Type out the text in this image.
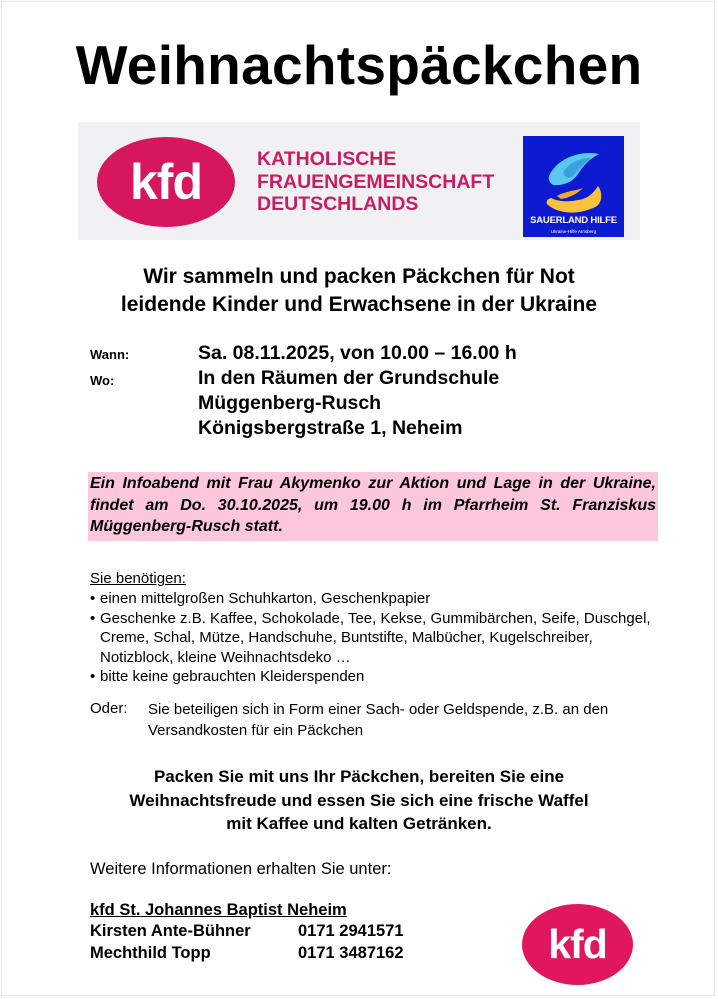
Weihnachtspäckchen
kfd	KATHOLISCHE
FRAUENGEMEINSCHAFT
DEUTSCHLANDS
SAUERLAND HILFE
Ukraine-Hilfe Arnsberg
Wir sammeln und packen Päckchen für Not
leidende Kinder und Erwachsene in der Ukraine
Wann:	Sa. 08.11.2025, von 10.00 – 16.00 h
Wo:	In den Räumen der Grundschule
Müggenberg-Rusch
Königsbergstraße 1, Neheim
Ein Infoabend mit Frau Akymenko zur Aktion und Lage in der Ukraine, findet am Do. 30.10.2025, um 19.00 h im Pfarrheim St. Franziskus Müggenberg-Rusch statt.
Sie benötigen:
• einen mittelgroßen Schuhkarton, Geschenkpapier
• Geschenke z.B. Kaffee, Schokolade, Tee, Kekse, Gummibärchen, Seife, Duschgel, Creme, Schal, Mütze, Handschuhe, Buntstifte, Malbücher, Kugelschreiber, Notizblock, kleine Weihnachtsdeko …
• bitte keine gebrauchten Kleiderspenden
Oder: Sie beteiligen sich in Form einer Sach- oder Geldspende, z.B. an den Versandkosten für ein Päckchen
Packen Sie mit uns Ihr Päckchen, bereiten Sie eine
Weihnachtsfreude und essen Sie sich eine frische Waffel
mit Kaffee und kalten Getränken.
Weitere Informationen erhalten Sie unter:
kfd St. Johannes Baptist Neheim
Kirsten Ante-Bühner	0171 2941571
Mechthild Topp	0171 3487162	kfd
